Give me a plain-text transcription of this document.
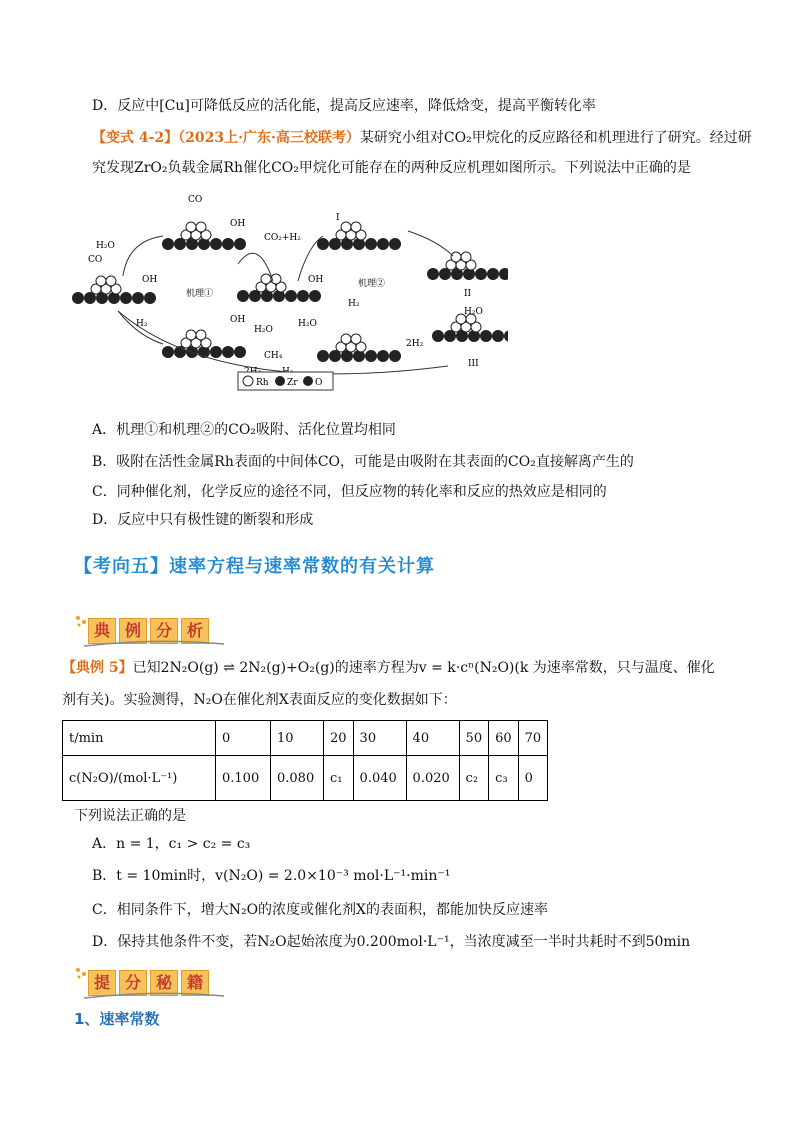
D．反应中[Cu]可降低反应的活化能，提高反应速率，降低焓变，提高平衡转化率
【变式 4-2】（2023上·广东·高三校联考）某研究小组对CO₂甲烷化的反应路径和机理进行了研究。经过研
究发现ZrO₂负载金属Rh催化CO₂甲烷化可能存在的两种反应机理如图所示。下列说法中正确的是
H₂O
CO
OH
CO
OH
机理①
CO₂+H₂
OH	机理②
H₂
I
II
III
H₂	OH
H₂O
CH₄
H₂O
H₂O
2H₂
Rh Zr O
A．机理①和机理②的CO₂吸附、活化位置均相同
B．吸附在活性金属Rh表面的中间体CO，可能是由吸附在其表面的CO₂直接解离产生的
C．同种催化剂，化学反应的途径不同，但反应物的转化率和反应的热效应是相同的
D．反应中只有极性键的断裂和形成
【考向五】速率方程与速率常数的有关计算
典 例 分 析
【典例 5】已知2N₂O(g) ⇌ 2N₂(g)+O₂(g)的速率方程为v = k·cⁿ(N₂O)(k 为速率常数，只与温度、催化
剂有关)。实验测得，N₂O在催化剂X表面反应的变化数据如下：
t/min	0	10	20	30	40	50	60	70
c(N₂O)/(mol·L⁻¹)	0.100	0.080	c₁	0.040	0.020	c₂	c₃	0
下列说法正确的是
A．n = 1，c₁ > c₂ = c₃
B．t = 10min时，v(N₂O) = 2.0×10⁻³ mol·L⁻¹·min⁻¹
C．相同条件下，增大N₂O的浓度或催化剂X的表面积，都能加快反应速率
D．保持其他条件不变，若N₂O起始浓度为0.200mol·L⁻¹，当浓度减至一半时共耗时不到50min
提 分 秘 籍
1、速率常数
